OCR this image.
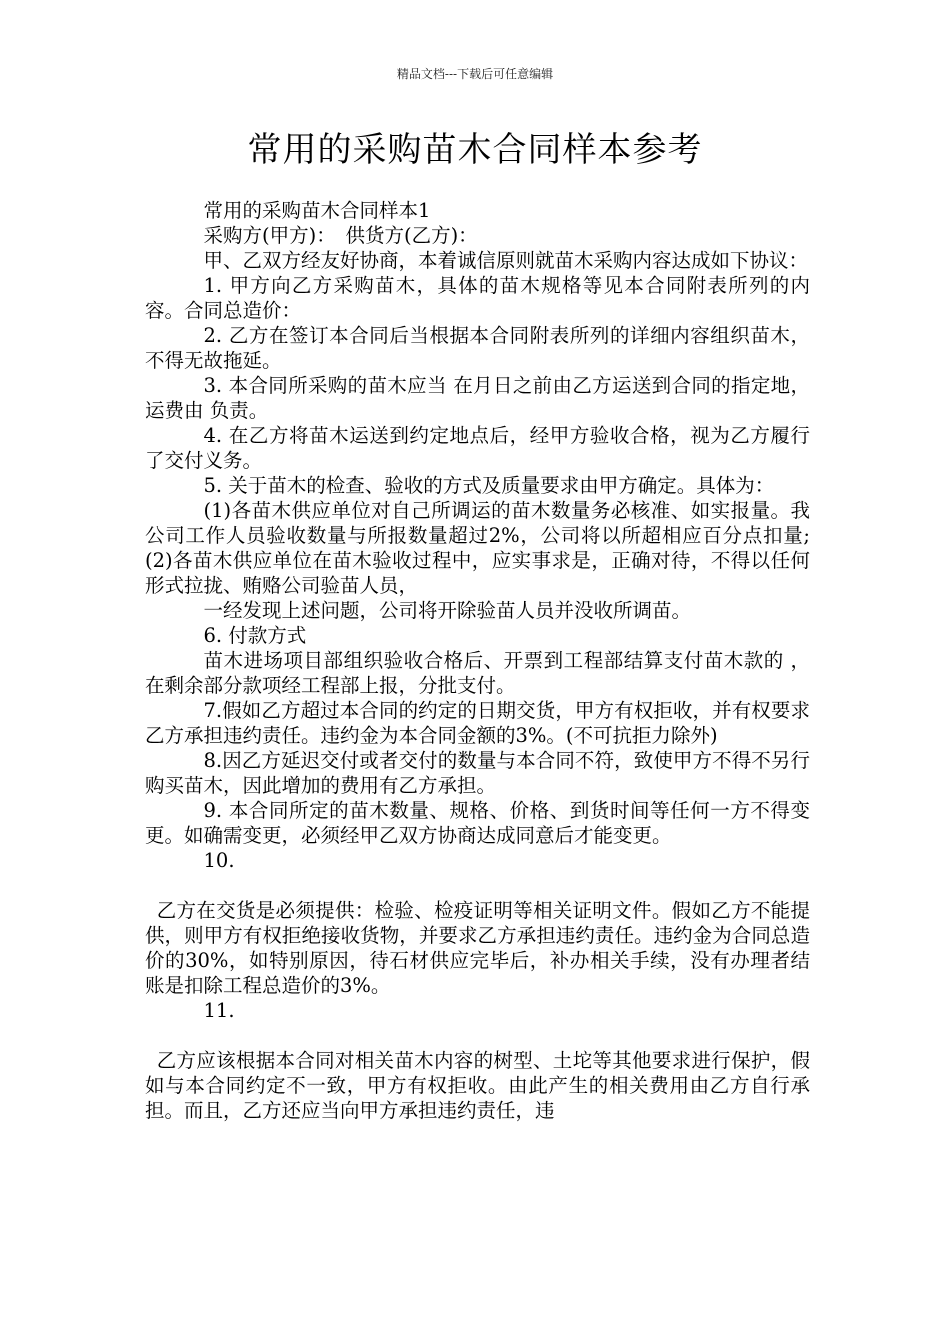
精品文档---下载后可任意编辑
常用的采购苗木合同样本参考

常用的采购苗木合同样本1

采购方(甲方)：　供货方(乙方)：

甲、乙双方经友好协商，本着诚信原则就苗木采购内容达成如下协议：

1. 甲方向乙方采购苗木，具体的苗木规格等见本合同附表所列的内容。合同总造价：

2. 乙方在签订本合同后当根据本合同附表所列的详细内容组织苗木，不得无故拖延。

3. 本合同所采购的苗木应当 在月日之前由乙方运送到合同的指定地，运费由 负责。

4. 在乙方将苗木运送到约定地点后，经甲方验收合格，视为乙方履行了交付义务。

5. 关于苗木的检查、验收的方式及质量要求由甲方确定。具体为：

(1)各苗木供应单位对自己所调运的苗木数量务必核准、如实报量。我公司工作人员验收数量与所报数量超过2%，公司将以所超相应百分点扣量;(2)各苗木供应单位在苗木验收过程中，应实事求是，正确对待，不得以任何形式拉拢、贿赂公司验苗人员，

一经发现上述问题，公司将开除验苗人员并没收所调苗。

6. 付款方式

苗木进场项目部组织验收合格后、开票到工程部结算支付苗木款的 ，在剩余部分款项经工程部上报，分批支付。

7.假如乙方超过本合同的约定的日期交货，甲方有权拒收，并有权要求乙方承担违约责任。违约金为本合同金额的3%。(不可抗拒力除外)

8.因乙方延迟交付或者交付的数量与本合同不符，致使甲方不得不另行购买苗木，因此增加的费用有乙方承担。

9. 本合同所定的苗木数量、规格、价格、到货时间等任何一方不得变更。如确需变更，必须经甲乙双方协商达成同意后才能变更。

10.

乙方在交货是必须提供：检验、检疫证明等相关证明文件。假如乙方不能提供，则甲方有权拒绝接收货物，并要求乙方承担违约责任。违约金为合同总造价的30%，如特别原因，待石材供应完毕后，补办相关手续，没有办理者结账是扣除工程总造价的3%。

11.

乙方应该根据本合同对相关苗木内容的树型、土坨等其他要求进行保护，假如与本合同约定不一致，甲方有权拒收。由此产生的相关费用由乙方自行承担。而且，乙方还应当向甲方承担违约责任，违
